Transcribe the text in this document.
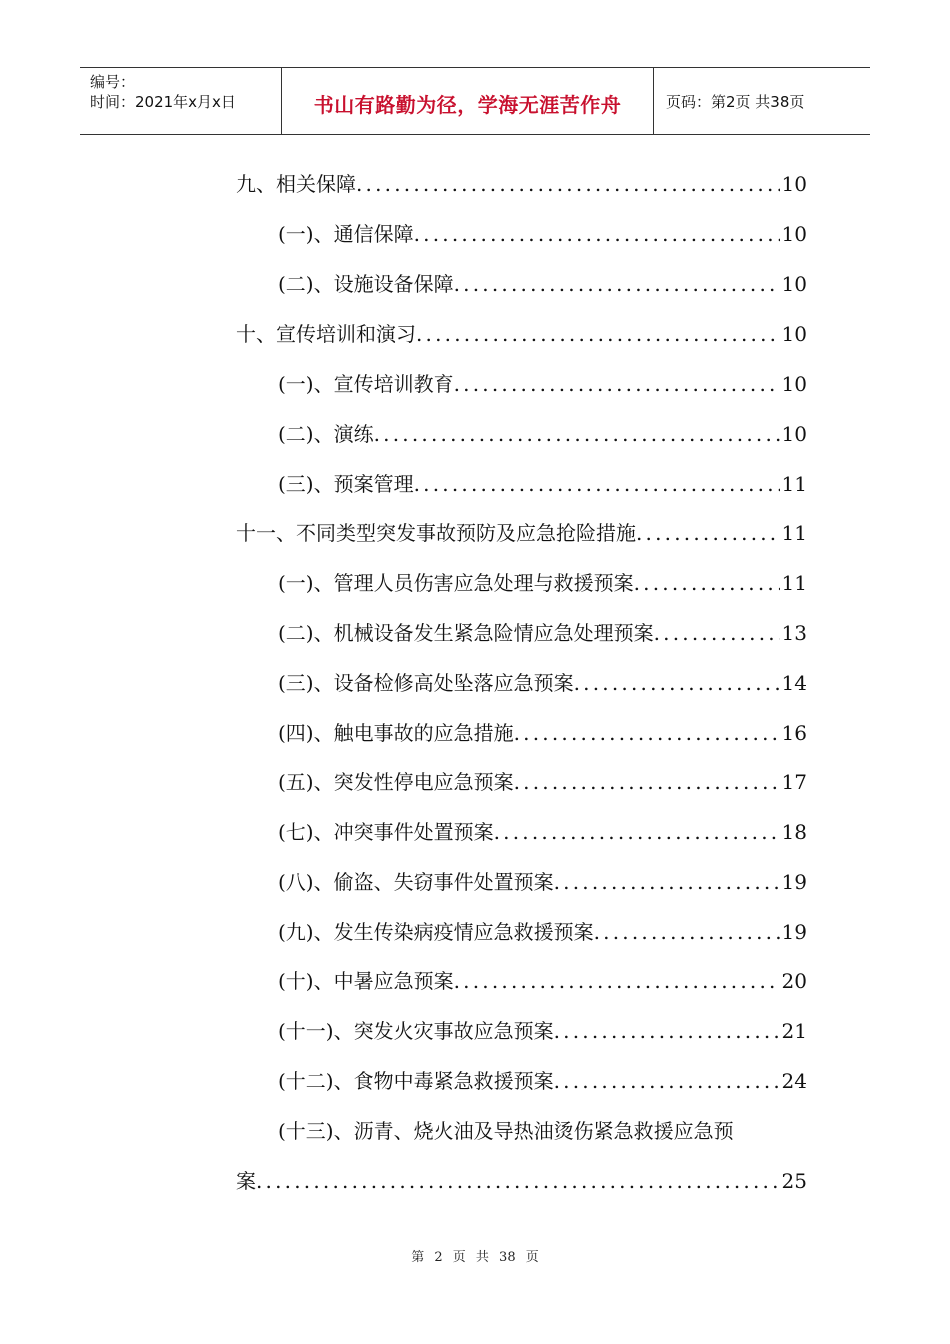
编号：
时间：2021年x月x日	书山有路勤为径，学海无涯苦作舟	页码：第2页 共38页
九、相关保障 .....	10
(一)、通信保障 .....	10
(二)、设施设备保障 .....	10
十、宣传培训和演习 .....	10
(一)、宣传培训教育 .....	10
(二)、演练 .....	10
(三)、预案管理 .....	11
十一、不同类型突发事故预防及应急抢险措施 .....	11
(一)、管理人员伤害应急处理与救援预案 .....	11
(二)、机械设备发生紧急险情应急处理预案 .....	13
(三)、设备检修高处坠落应急预案 .....	14
(四)、触电事故的应急措施 .....	16
(五)、突发性停电应急预案 .....	17
(七)、冲突事件处置预案 .....	18
(八)、偷盗、失窃事件处置预案 .....	19
(九)、发生传染病疫情应急救援预案 .....	19
(十)、中暑应急预案 .....	20
(十一)、突发火灾事故应急预案 .....	21
(十二)、食物中毒紧急救援预案 .....	24
(十三)、沥青、烧火油及导热油烫伤紧急救援应急预
案 .....	25
第 2 页 共 38 页
